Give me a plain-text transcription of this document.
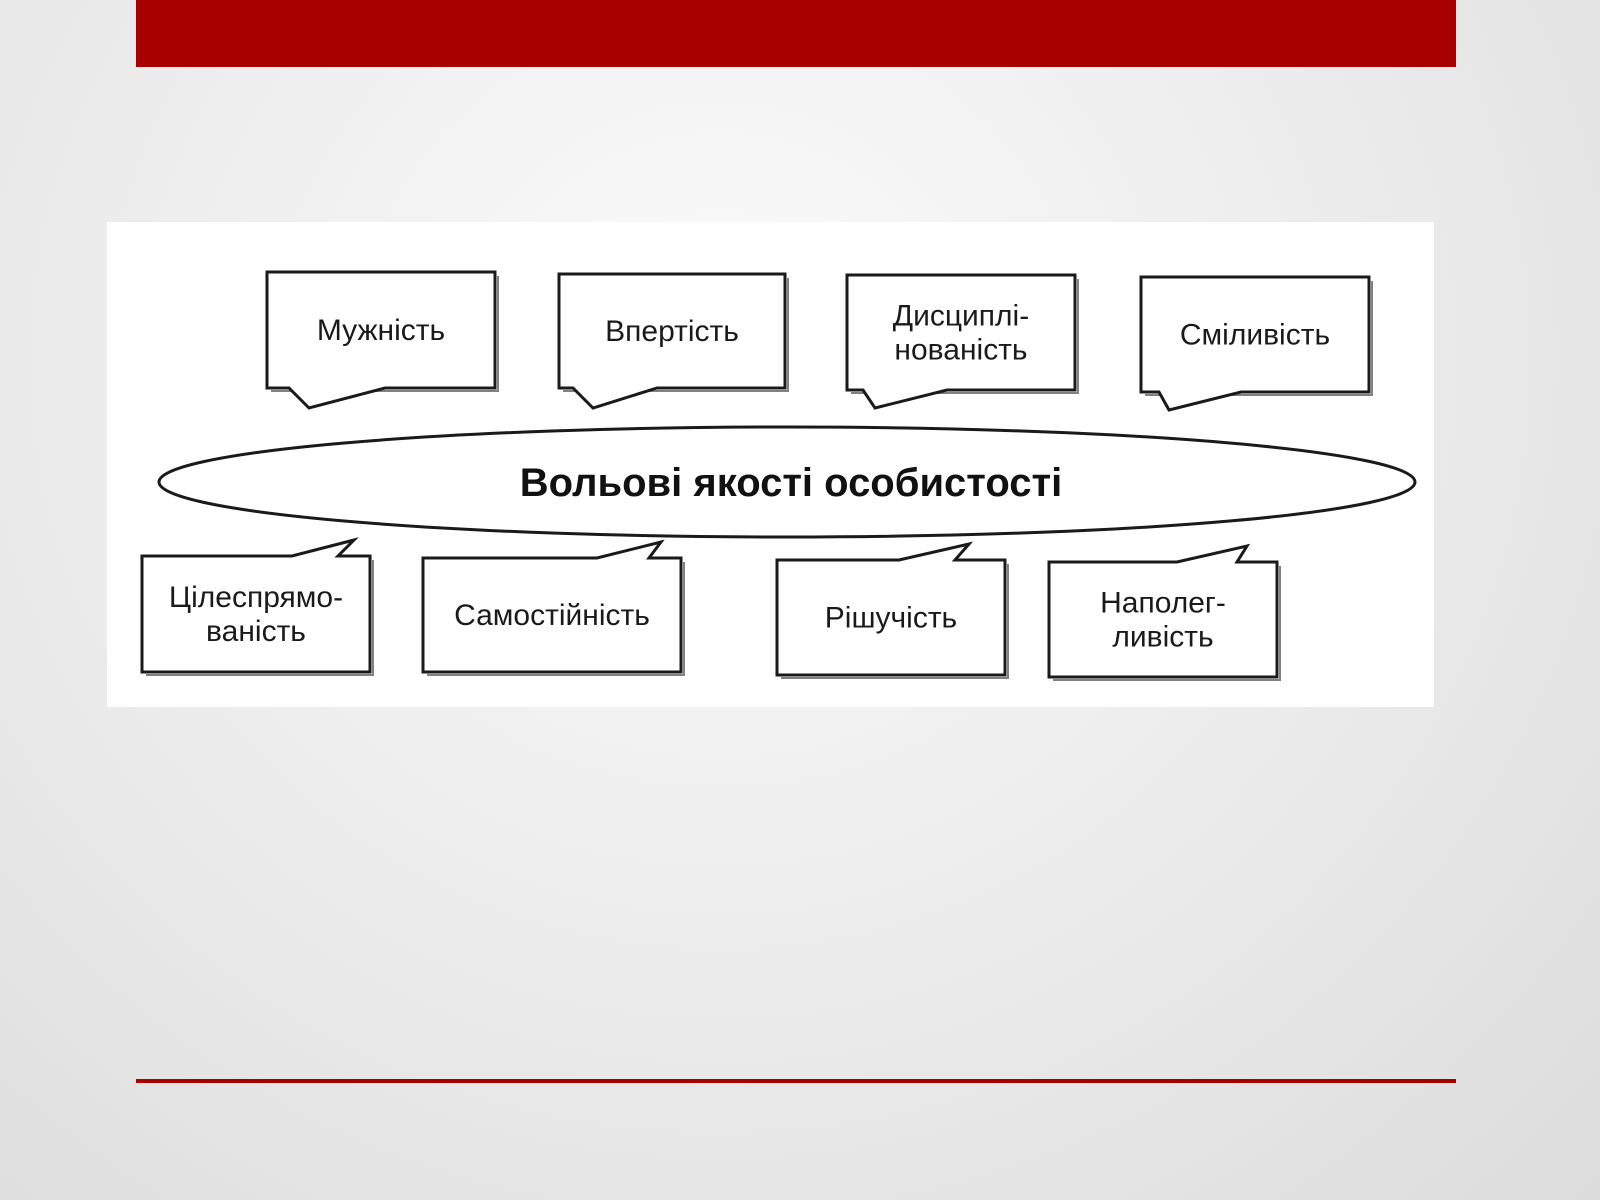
Мужність	Впертість	Дисциплі-
нованість	Сміливість
Вольові якості особистості
Цілеспрямо-
ваність	Самостійність	Рішучість	Наполег-
ливість
